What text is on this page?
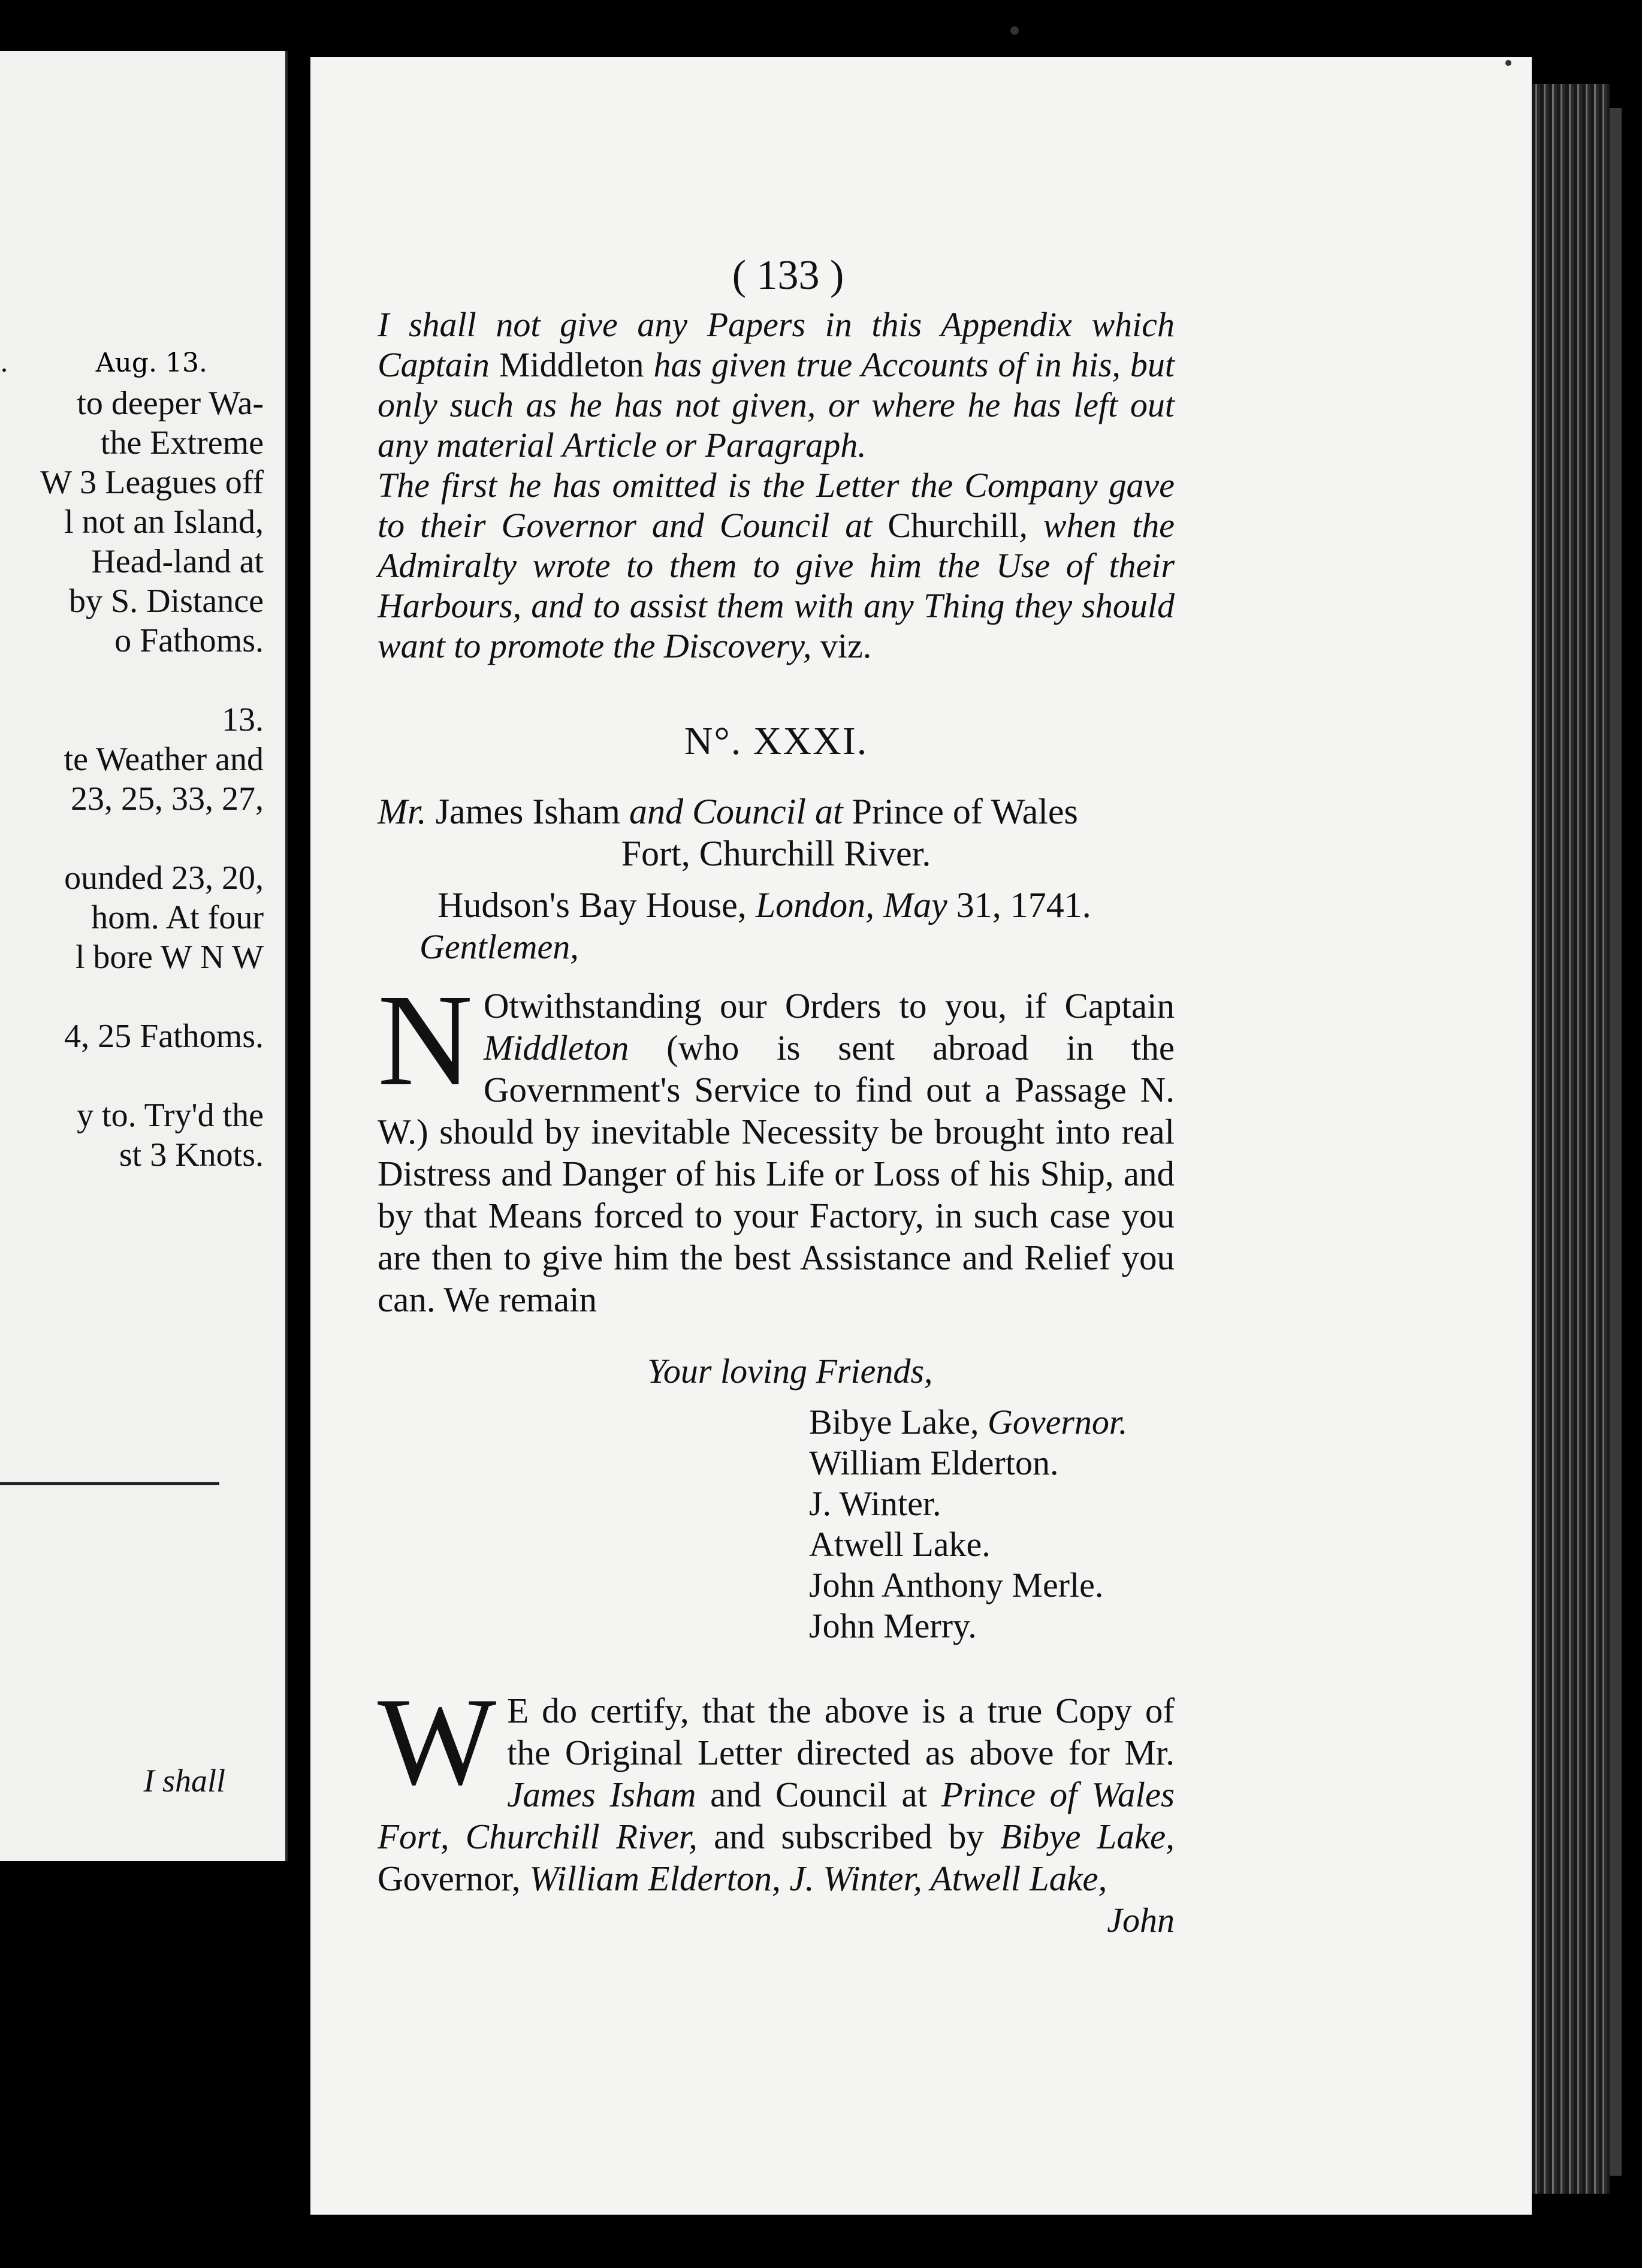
.	Aug. 13.
to deeper Wa-
the Extreme
W 3 Leagues off
l not an Island,
Head-land at
by S. Distance
o Fathoms.
13.
te Weather and
23, 25, 33, 27,
ounded 23, 20,
hom. At four
l bore W N W
4, 25 Fathoms.
y to. Try'd the
st 3 Knots.
I shall
( 133 )

I shall not give any Papers in this Appendix which Captain Middleton has given true Accounts of in his, but only such as he has not given, or where he has left out any material Article or Paragraph.

The first he has omitted is the Letter the Company gave to their Governor and Council at Churchill, when the Admiralty wrote to them to give him the Use of their Harbours, and to assist them with any Thing they should want to promote the Discovery, viz.

N°. XXXI.
Mr. James Isham and Council at Prince of Wales
Fort, Churchill River.
Hudson's Bay House, London, May 31, 1741.
Gentlemen,
N Otwithstanding our Orders to you, if Captain Middleton (who is sent abroad in the Government's Service to find out a Passage N. W.) should by inevitable Necessity be brought into real Distress and Danger of his Life or Loss of his Ship, and by that Means forced to your Factory, in such case you are then to give him the best Assistance and Relief you can. We remain
Your loving Friends,
Bibye Lake, Governor.
William Elderton.
J. Winter.
Atwell Lake.
John Anthony Merle.
John Merry.
W E do certify, that the above is a true Copy of the Original Letter directed as above for Mr. James Isham and Council at Prince of Wales Fort, Churchill River, and subscribed by Bibye Lake, Governor, William Elderton, J. Winter, Atwell Lake,
John
